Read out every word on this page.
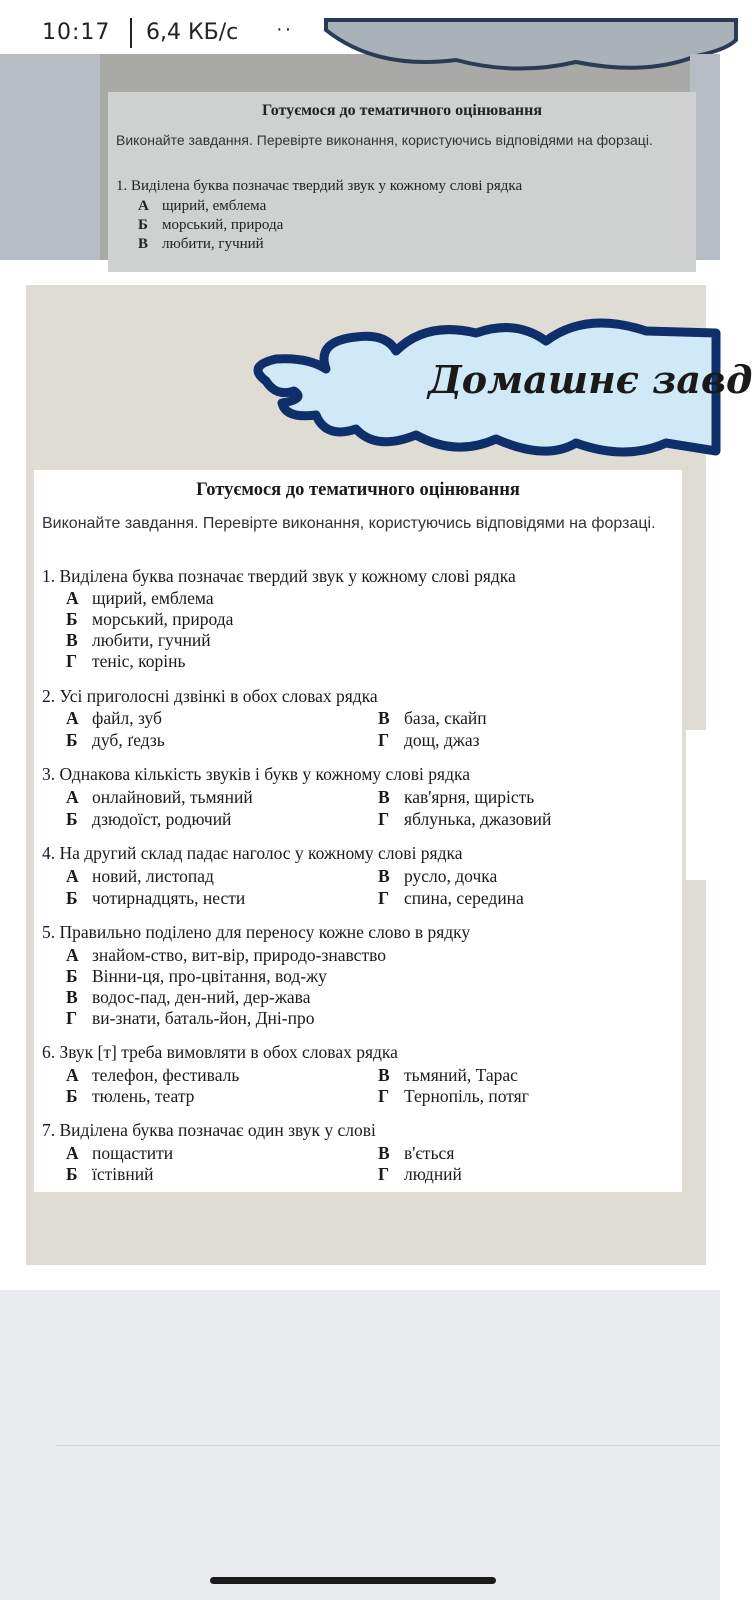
10:17 6,4 КБ/с ··
Готуємося до тематичного оцінювання
Виконайте завдання. Перевірте виконання, користуючись відповідями на форзаці.
1. Виділена буква позначає твердий звук у кожному слові рядка
А щирий, емблема
Б морський, природа
В любити, гучний
Домашнє завд
Готуємося до тематичного оцінювання
Виконайте завдання. Перевірте виконання, користуючись відповідями на форзаці.
1. Виділена буква позначає твердий звук у кожному слові рядка
А щирий, емблема
Б морський, природа
В любити, гучний
Г теніс, корінь
2. Усі приголосні дзвінкі в обох словах рядка
А файл, зуб
Б дуб, ґедзь
В база, скайп
Г дощ, джаз
3. Однакова кількість звуків і букв у кожному слові рядка
А онлайновий, тьмяний
Б дзюдоїст, родючий
В кав'ярня, щирість
Г яблунька, джазовий
4. На другий склад падає наголос у кожному слові рядка
А новий, листопад
Б чотирнадцять, нести
В русло, дочка
Г спина, середина
5. Правильно поділено для переносу кожне слово в рядку
А знайом-ство, вит-вір, природо-знавство
Б Вінни-ця, про-цвітання, вод-жу
В водос-пад, ден-ний, дер-жава
Г ви-знати, баталь-йон, Дні-про
6. Звук [т] треба вимовляти в обох словах рядка
А телефон, фестиваль
Б тюлень, театр
В тьмяний, Тарас
Г Тернопіль, потяг
7. Виділена буква позначає один звук у слові
А пощастити
Б їстівний
В в'ється
Г людний
